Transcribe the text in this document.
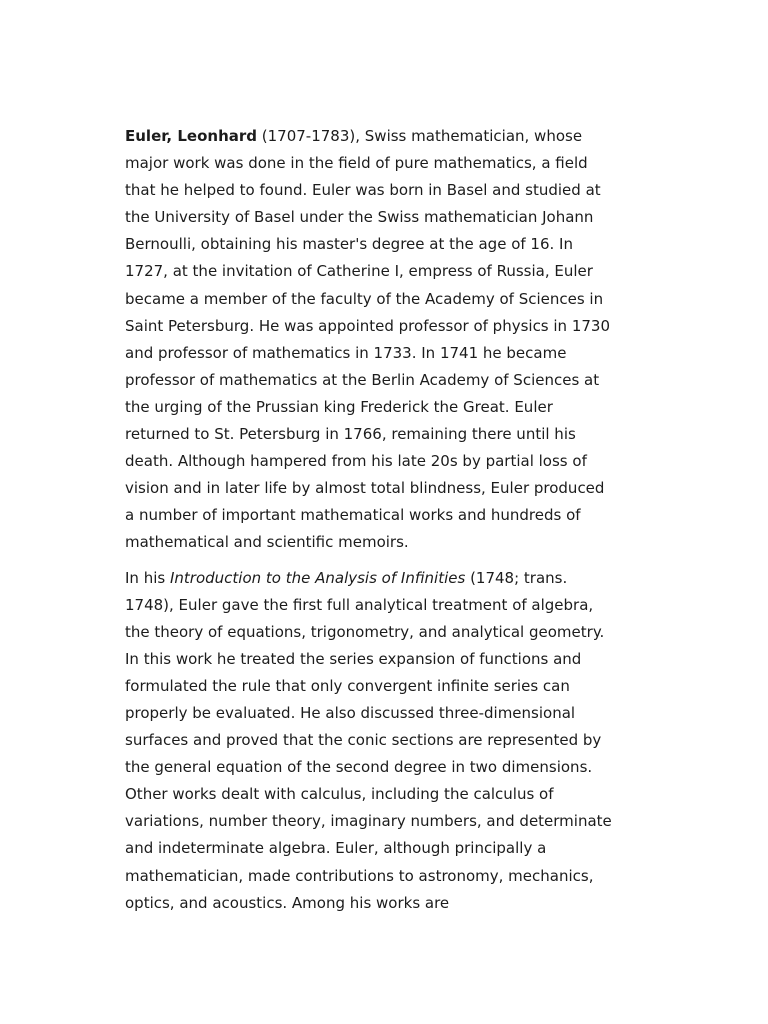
Euler, Leonhard (1707-1783), Swiss mathematician, whose major work was done in the field of pure mathematics, a field that he helped to found. Euler was born in Basel and studied at the University of Basel under the Swiss mathematician Johann Bernoulli, obtaining his master's degree at the age of 16. In 1727, at the invitation of Catherine I, empress of Russia, Euler became a member of the faculty of the Academy of Sciences in Saint Petersburg. He was appointed professor of physics in 1730 and professor of mathematics in 1733. In 1741 he became professor of mathematics at the Berlin Academy of Sciences at the urging of the Prussian king Frederick the Great. Euler returned to St. Petersburg in 1766, remaining there until his death. Although hampered from his late 20s by partial loss of vision and in later life by almost total blindness, Euler produced a number of important mathematical works and hundreds of mathematical and scientific memoirs.

In his Introduction to the Analysis of Infinities (1748; trans. 1748), Euler gave the first full analytical treatment of algebra, the theory of equations, trigonometry, and analytical geometry. In this work he treated the series expansion of functions and formulated the rule that only convergent infinite series can properly be evaluated. He also discussed three-dimensional surfaces and proved that the conic sections are represented by the general equation of the second degree in two dimensions. Other works dealt with calculus, including the calculus of variations, number theory, imaginary numbers, and determinate and indeterminate algebra. Euler, although principally a mathematician, made contributions to astronomy, mechanics, optics, and acoustics. Among his works are
